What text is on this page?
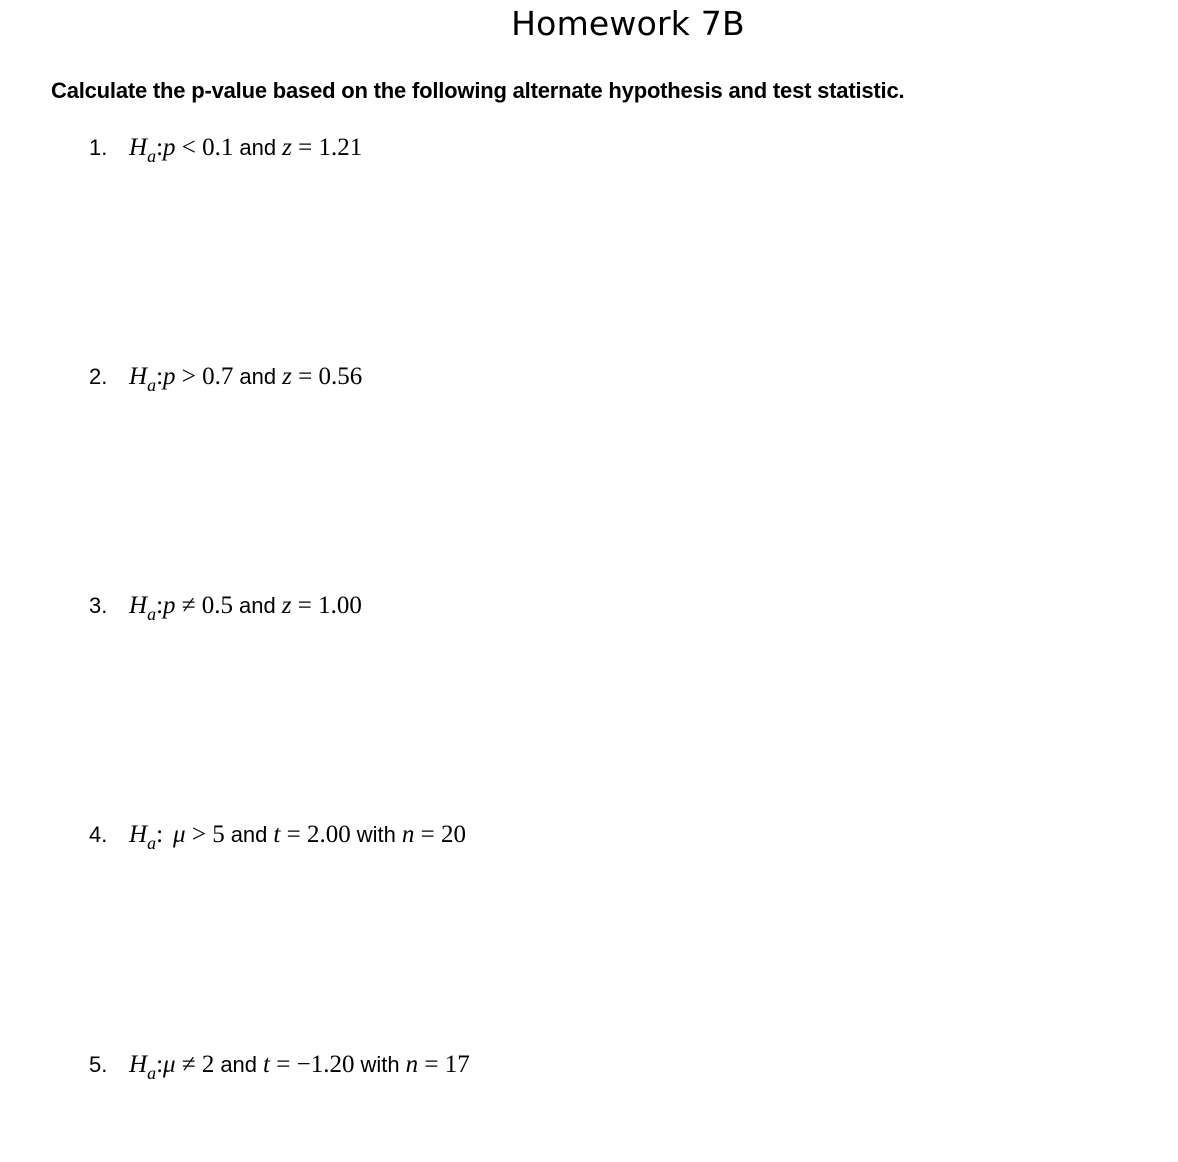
Homework 7B
Calculate the p-value based on the following alternate hypothesis and test statistic.
1. $H_a:p < 0.1$ and z = 1.21
2. $H_a:p > 0.7$ and z = 0.56
3. $H_a:p \ne 0.5$ and z = 1.00
4. $H_a$: μ > 5 and t = 2.00 with n = 20
5. $H_a:\mu \ne 2$ and t = −1.20 with n = 17
